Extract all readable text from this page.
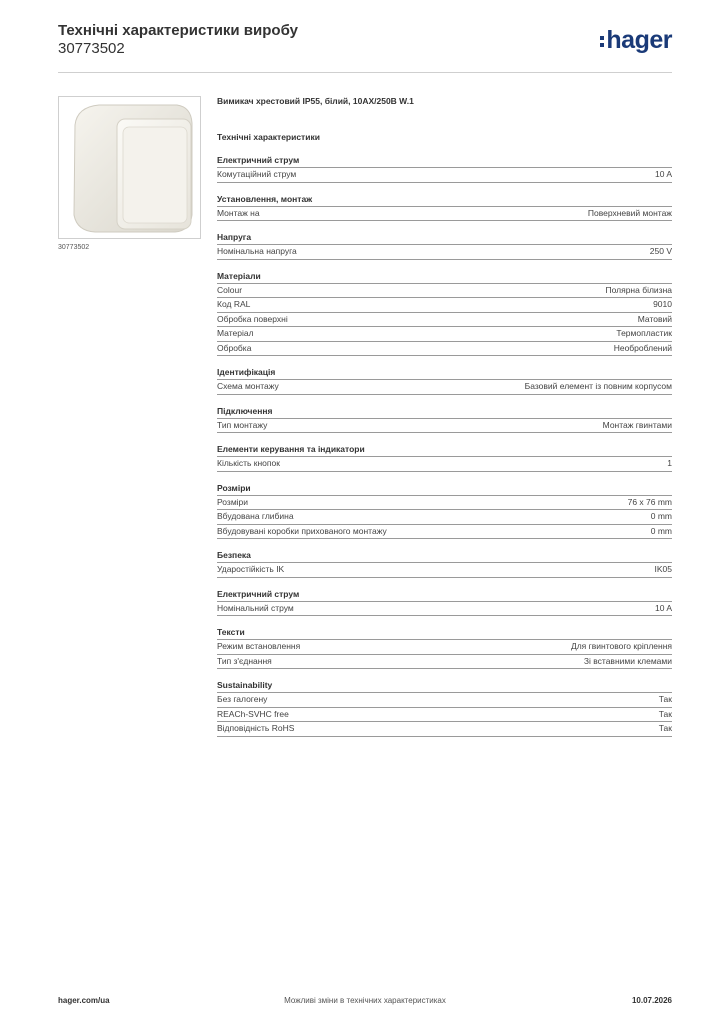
Технічні характеристики виробу
30773502	hager
30773502
Вимикач хрестовий IP55, білий, 10AX/250В W.1
Технічні характеристики
Електричний струм
Комутаційний струм	10 A
Установлення, монтаж
Монтаж на	Поверхневий монтаж
Напруга
Номінальна напруга	250 V
Матеріали
Colour	Полярна білизна
Код RAL	9010
Обробка поверхні	Матовий
Матеріал	Термопластик
Обробка	Необроблений
Ідентифікація
Схема монтажу	Базовий елемент із повним корпусом
Підключення
Тип монтажу	Монтаж гвинтами
Елементи керування та індикатори
Кількість кнопок	1
Розміри
Розміри	76 x 76 mm
Вбудована глибина	0 mm
Вбудовувані коробки прихованого монтажу	0 mm
Безпека
Ударостійкість IK	IK05
Електричний струм
Номінальний струм	10 A
Тексти
Режим встановлення	Для гвинтового кріплення
Тип з'єднання	Зі вставними клемами
Sustainability
Без галогену	Так
REACh-SVHC free	Так
Відповідність RoHS	Так
Можливі зміни в технічних характеристиках
hager.com/ua	10.07.2026
